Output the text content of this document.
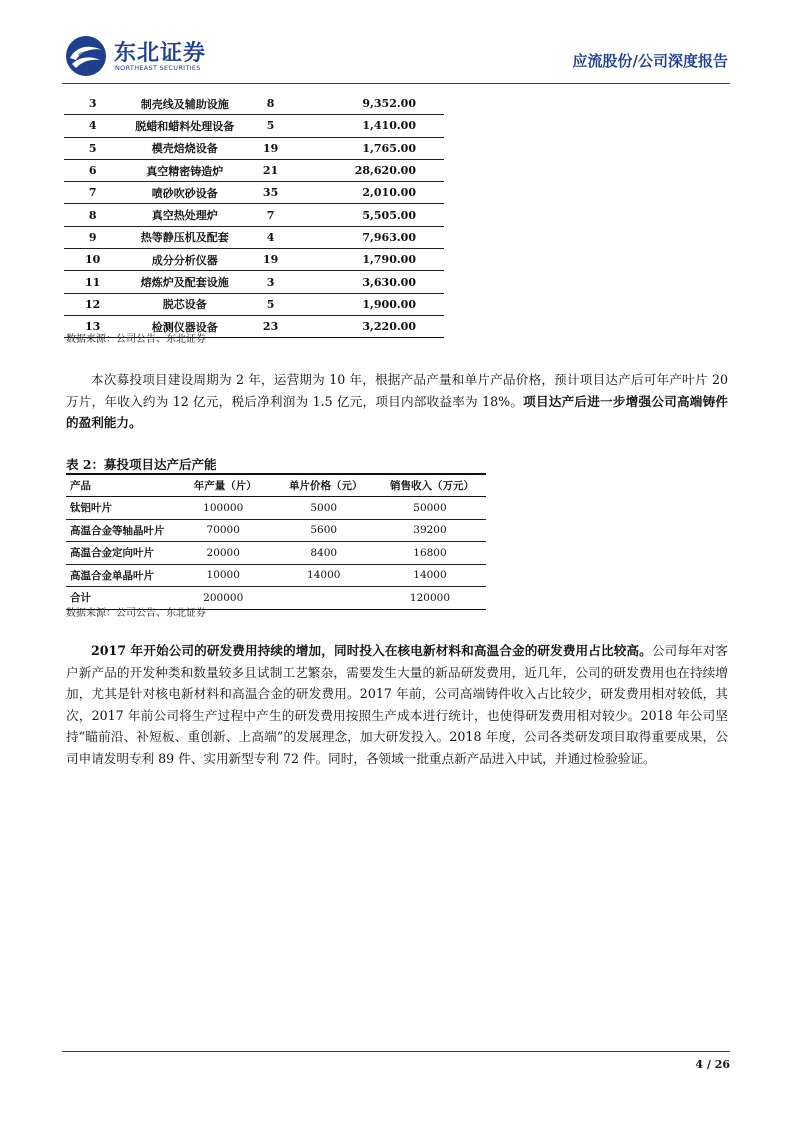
东北证券
NORTHEAST SECURITIES	应流股份/公司深度报告
3	制壳线及辅助设施	8	9,352.00
4	脱蜡和蜡料处理设备	5	1,410.00
5	模壳焙烧设备	19	1,765.00
6	真空精密铸造炉	21	28,620.00
7	喷砂吹砂设备	35	2,010.00
8	真空热处理炉	7	5,505.00
9	热等静压机及配套	4	7,963.00
10	成分分析仪器	19	1,790.00
11	熔炼炉及配套设施	3	3,630.00
12	脱芯设备	5	1,900.00
13	检测仪器设备	23	3,220.00
数据来源：公司公告、东北证券
本次募投项目建设周期为 2 年，运营期为 10 年，根据产品产量和单片产品价格，预计项目达产后可年产叶片 20 万片，年收入约为 12 亿元，税后净利润为 1.5 亿元，项目内部收益率为 18%。项目达产后进一步增强公司高端铸件的盈利能力。
表 2：募投项目达产后产能
产品	年产量（片）	单片价格（元）	销售收入（万元）
钛铝叶片	100000	5000	50000
高温合金等轴晶叶片	70000	5600	39200
高温合金定向叶片	20000	8400	16800
高温合金单晶叶片	10000	14000	14000
合计	200000		120000
数据来源：公司公告、东北证券
2017 年开始公司的研发费用持续的增加，同时投入在核电新材料和高温合金的研发费用占比较高。公司每年对客户新产品的开发种类和数量较多且试制工艺繁杂，需要发生大量的新品研发费用，近几年，公司的研发费用也在持续增加，尤其是针对核电新材料和高温合金的研发费用。2017 年前，公司高端铸件收入占比较少，研发费用相对较低，其次，2017 年前公司将生产过程中产生的研发费用按照生产成本进行统计，也使得研发费用相对较少。2018 年公司坚持“瞄前沿、补短板、重创新、上高端”的发展理念，加大研发投入。2018 年度，公司各类研发项目取得重要成果，公司申请发明专利 89 件、实用新型专利 72 件。同时，各领域一批重点新产品进入中试，并通过检验验证。
4 / 26
